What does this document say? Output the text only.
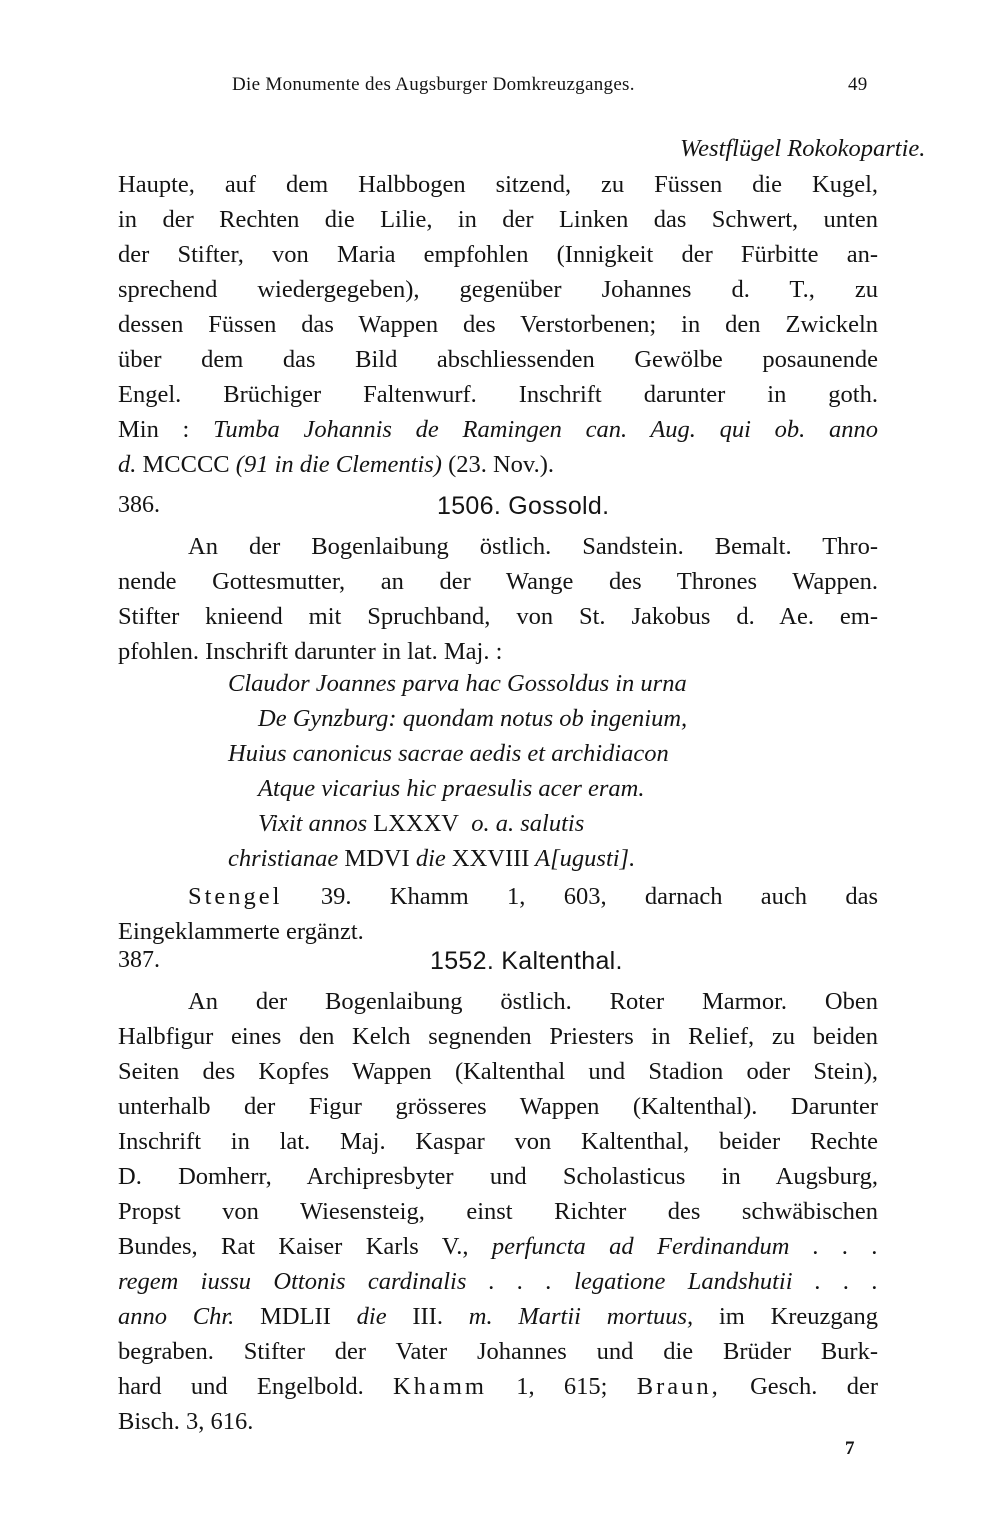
Die Monumente des Augsburger Domkreuzganges.	49
Westflügel Rokokopartie.
Haupte, auf dem Halbbogen sitzend, zu Füssen die Kugel,
in der Rechten die Lilie, in der Linken das Schwert, unten
der Stifter, von Maria empfohlen (Innigkeit der Fürbitte an-
sprechend wiedergegeben), gegenüber Johannes d. T., zu
dessen Füssen das Wappen des Verstorbenen; in den Zwickeln
über dem das Bild abschliessenden Gewölbe posaunende
Engel. Brüchiger Faltenwurf. Inschrift darunter in goth.
Min : Tumba Johannis de Ramingen can. Aug. qui ob. anno
d. MCCCC (91 in die Clementis) (23. Nov.).
386.	1506. Gossold.
An der Bogenlaibung östlich. Sandstein. Bemalt. Thro-
nende Gottesmutter, an der Wange des Thrones Wappen.
Stifter knieend mit Spruchband, von St. Jakobus d. Ae. em-
pfohlen. Inschrift darunter in lat. Maj. :
Claudor Joannes parva hac Gossoldus in urna
De Gynzburg: quondam notus ob ingenium,
Huius canonicus sacrae aedis et archidiacon
Atque vicarius hic praesulis acer eram.
Vixit annos LXXXV o. a. salutis
christianae MDVI die XXVIII A[ugusti].
Stengel 39. Khamm 1, 603, darnach auch das
Eingeklammerte ergänzt.
387.	1552. Kaltenthal.
An der Bogenlaibung östlich. Roter Marmor. Oben
Halbfigur eines den Kelch segnenden Priesters in Relief, zu beiden
Seiten des Kopfes Wappen (Kaltenthal und Stadion oder Stein),
unterhalb der Figur grösseres Wappen (Kaltenthal). Darunter
Inschrift in lat. Maj. Kaspar von Kaltenthal, beider Rechte
D. Domherr, Archipresbyter und Scholasticus in Augsburg,
Propst von Wiesensteig, einst Richter des schwäbischen
Bundes, Rat Kaiser Karls V., perfuncta ad Ferdinandum . . .
regem iussu Ottonis cardinalis . . . legatione Landshutii . . .
anno Chr. MDLII die III. m. Martii mortuus, im Kreuzgang
begraben. Stifter der Vater Johannes und die Brüder Burk-
hard und Engelbold. Khamm 1, 615; Braun, Gesch. der
Bisch. 3, 616.
7
